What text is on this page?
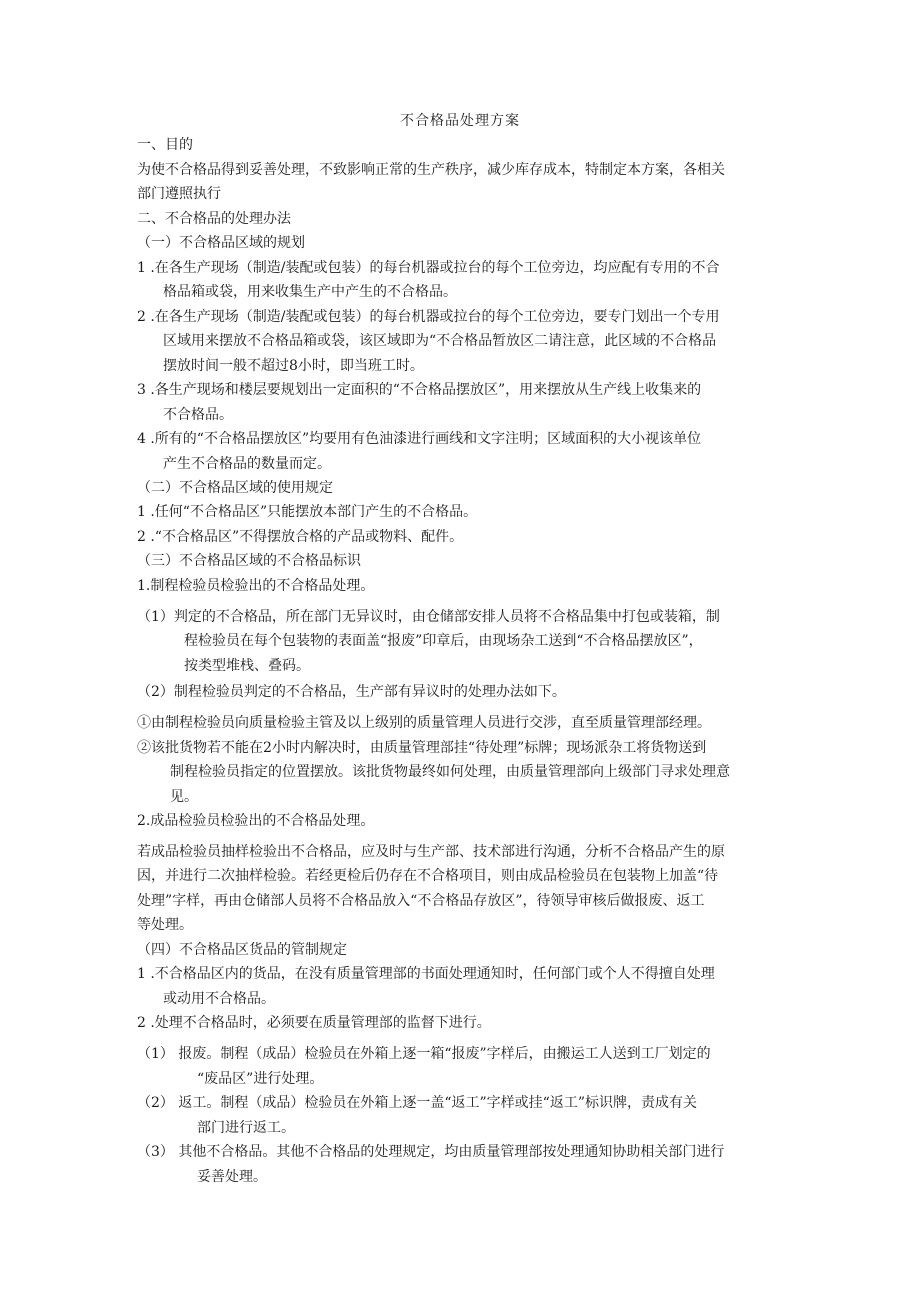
不合格品处理方案
一、目的
为使不合格品得到妥善处理，不致影响正常的生产秩序，减少库存成本，特制定本方案，各相关
部门遵照执行
二、不合格品的处理办法
（一）不合格品区域的规划
1 .在各生产现场（制造/装配或包装）的每台机器或拉台的每个工位旁边，均应配有专用的不合
格品箱或袋，用来收集生产中产生的不合格品。
2 .在各生产现场（制造/装配或包装）的每台机器或拉台的每个工位旁边，要专门划出一个专用
区域用来摆放不合格品箱或袋，该区域即为“不合格品暂放区二请注意，此区域的不合格品
摆放时间一般不超过8小时，即当班工时。
3 .各生产现场和楼层要规划出一定面积的“不合格品摆放区”，用来摆放从生产线上收集来的
不合格品。
4 .所有的“不合格品摆放区”均要用有色油漆进行画线和文字注明；区域面积的大小视该单位
产生不合格品的数量而定。
（二）不合格品区域的使用规定
1 .任何“不合格品区”只能摆放本部门产生的不合格品。
2 .“不合格品区”不得摆放合格的产品或物料、配件。
（三）不合格品区域的不合格品标识
1.制程检验员检验出的不合格品处理。
（1）判定的不合格品，所在部门无异议时，由仓储部安排人员将不合格品集中打包或装箱，制
程检验员在每个包装物的表面盖“报废”印章后，由现场杂工送到“不合格品摆放区”，
按类型堆栈、叠码。
（2）制程检验员判定的不合格品，生产部有异议时的处理办法如下。
①由制程检验员向质量检验主管及以上级别的质量管理人员进行交涉，直至质量管理部经理。
②该批货物若不能在2小时内解决时，由质量管理部挂“待处理”标牌；现场派杂工将货物送到
制程检验员指定的位置摆放。该批货物最终如何处理，由质量管理部向上级部门寻求处理意
见。
2.成品检验员检验出的不合格品处理。
若成品检验员抽样检验出不合格品，应及时与生产部、技术部进行沟通，分析不合格品产生的原
因，并进行二次抽样检验。若经更检后仍存在不合格项目，则由成品检验员在包装物上加盖“待
处理”字样，再由仓储部人员将不合格品放入“不合格品存放区”，待领导审核后做报废、返工
等处理。
（四）不合格品区货品的管制规定
1 .不合格品区内的货品，在没有质量管理部的书面处理通知时，任何部门或个人不得擅自处理
或动用不合格品。
2 .处理不合格品时，必须要在质量管理部的监督下进行。
（1） 报废。制程（成品）检验员在外箱上逐一箱“报废”字样后，由搬运工人送到工厂划定的
“废品区”进行处理。
（2） 返工。制程（成品）检验员在外箱上逐一盖“返工”字样或挂“返工”标识牌，责成有关
部门进行返工。
（3） 其他不合格品。其他不合格品的处理规定，均由质量管理部按处理通知协助相关部门进行
妥善处理。
